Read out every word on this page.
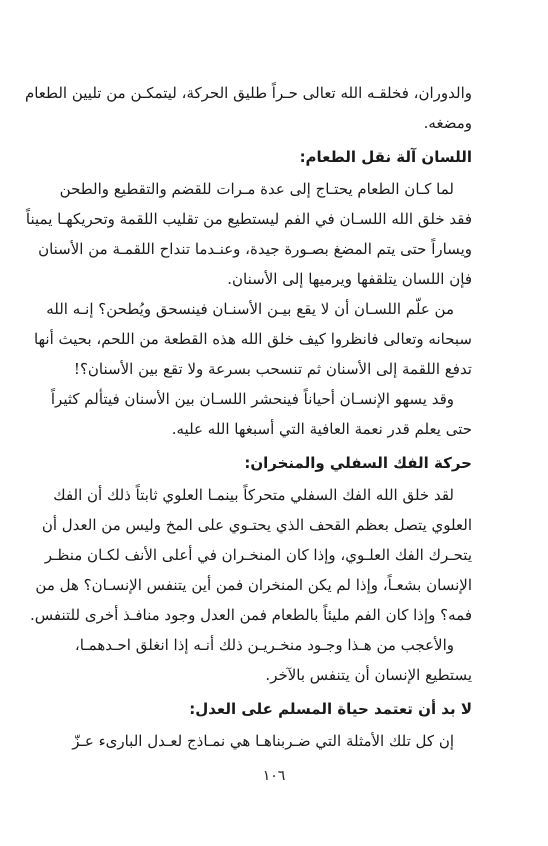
والدوران، فخلقـه الله تعالى حـراً طليق الحركة، ليتمكـن من تليين الطعام
ومضغه.
اللسان آلة نقل الطعام:
لما كـان الطعام يحتـاج إلى عدة مـرات للقضم والتقطيع والطحن
فقد خلق الله اللسـان في الفم ليستطيع من تقليب اللقمة وتحريكهـا يميناً
ويساراً حتى يتم المضغ بصـورة جيدة، وعنـدما تنداح اللقمـة من الأسنان
فإن اللسان يتلقفها ويرميها إلى الأسنان.
من علّم اللسـان أن لا يقع بيـن الأسنـان فينسحق ويُطحن؟ إنـه الله
سبحانه وتعالى فانظروا كيف خلق الله هذه القطعة من اللحم، بحيث أنها
تدفع اللقمة إلى الأسنان ثم تنسحب بسرعة ولا تقع بين الأسنان؟!
وقد يسهو الإنسـان أحياناً فينحشر اللسـان بين الأسنان فيتألم كثيراً
حتى يعلم قدر نعمة العافية التي أسبغها الله عليه.
حركة الفك السفلي والمنخران:
لقد خلق الله الفك السفلي متحركاً بينمـا العلوي ثابتاً ذلك أن الفك
العلوي يتصل بعظم القحف الذي يحتـوي على المخ وليس من العدل أن
يتحـرك الفك العلـوي، وإذا كان المنخـران في أعلى الأنف لكـان منظـر
الإنسان بشعـاً، وإذا لم يكن المنخران فمن أين يتنفس الإنسـان؟ هل من
فمه؟ وإذا كان الفم مليئاً بالطعام فمن العدل وجود منافـذ أخرى للتنفس.
والأعجب من هـذا وجـود منخـريـن ذلك أنـه إذا انغلق احـدهمـا،
يستطيع الإنسان أن يتنفس بالآخر.
لا بد أن تعتمد حياة المسلم على العدل:
إن كل تلك الأمثلة التي ضـربناهـا هي نمـاذج لعـدل البارىء عـزّ
١٠٦
